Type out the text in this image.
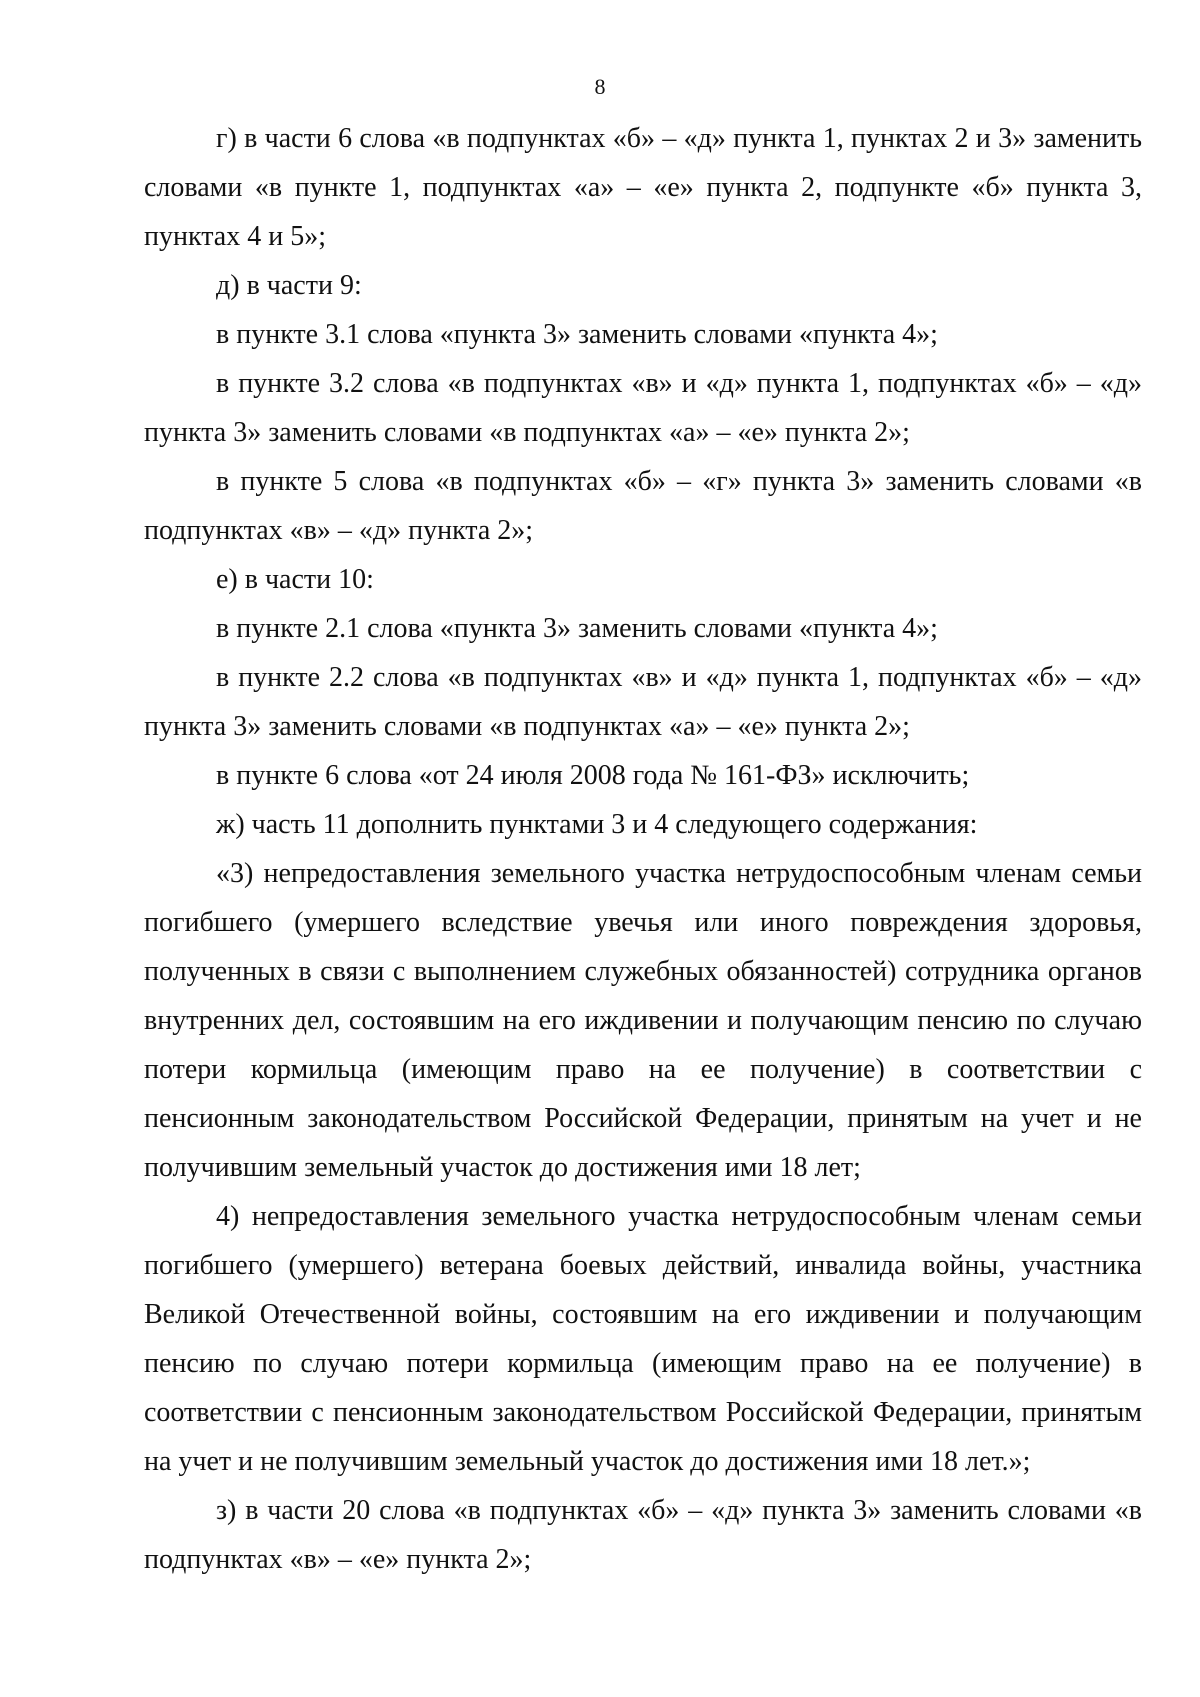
8

г) в части 6 слова «в подпунктах «б» – «д» пункта 1, пунктах 2 и 3» заменить словами «в пункте 1, подпунктах «а» – «е» пункта 2, подпункте «б» пункта 3, пунктах 4 и 5»;

д) в части 9:

в пункте 3.1 слова «пункта 3» заменить словами «пункта 4»;

в пункте 3.2 слова «в подпунктах «в» и «д» пункта 1, подпунктах «б» – «д» пункта 3» заменить словами «в подпунктах «а» – «е» пункта 2»;

в пункте 5 слова «в подпунктах «б» – «г» пункта 3» заменить словами «в подпунктах «в» – «д» пункта 2»;

е) в части 10:

в пункте 2.1 слова «пункта 3» заменить словами «пункта 4»;

в пункте 2.2 слова «в подпунктах «в» и «д» пункта 1, подпунктах «б» – «д» пункта 3» заменить словами «в подпунктах «а» – «е» пункта 2»;

в пункте 6 слова «от 24 июля 2008 года № 161-ФЗ» исключить;

ж) часть 11 дополнить пунктами 3 и 4 следующего содержания:

«3) непредоставления земельного участка нетрудоспособным членам семьи погибшего (умершего вследствие увечья или иного повреждения здоровья, полученных в связи с выполнением служебных обязанностей) сотрудника органов внутренних дел, состоявшим на его иждивении и получающим пенсию по случаю потери кормильца (имеющим право на ее получение) в соответствии с пенсионным законодательством Российской Федерации, принятым на учет и не получившим земельный участок до достижения ими 18 лет;

4) непредоставления земельного участка нетрудоспособным членам семьи погибшего (умершего) ветерана боевых действий, инвалида войны, участника Великой Отечественной войны, состоявшим на его иждивении и получающим пенсию по случаю потери кормильца (имеющим право на ее получение) в соответствии с пенсионным законодательством Российской Федерации, принятым на учет и не получившим земельный участок до достижения ими 18 лет.»;

з) в части 20 слова «в подпунктах «б» – «д» пункта 3» заменить словами «в подпунктах «в» – «е» пункта 2»;
